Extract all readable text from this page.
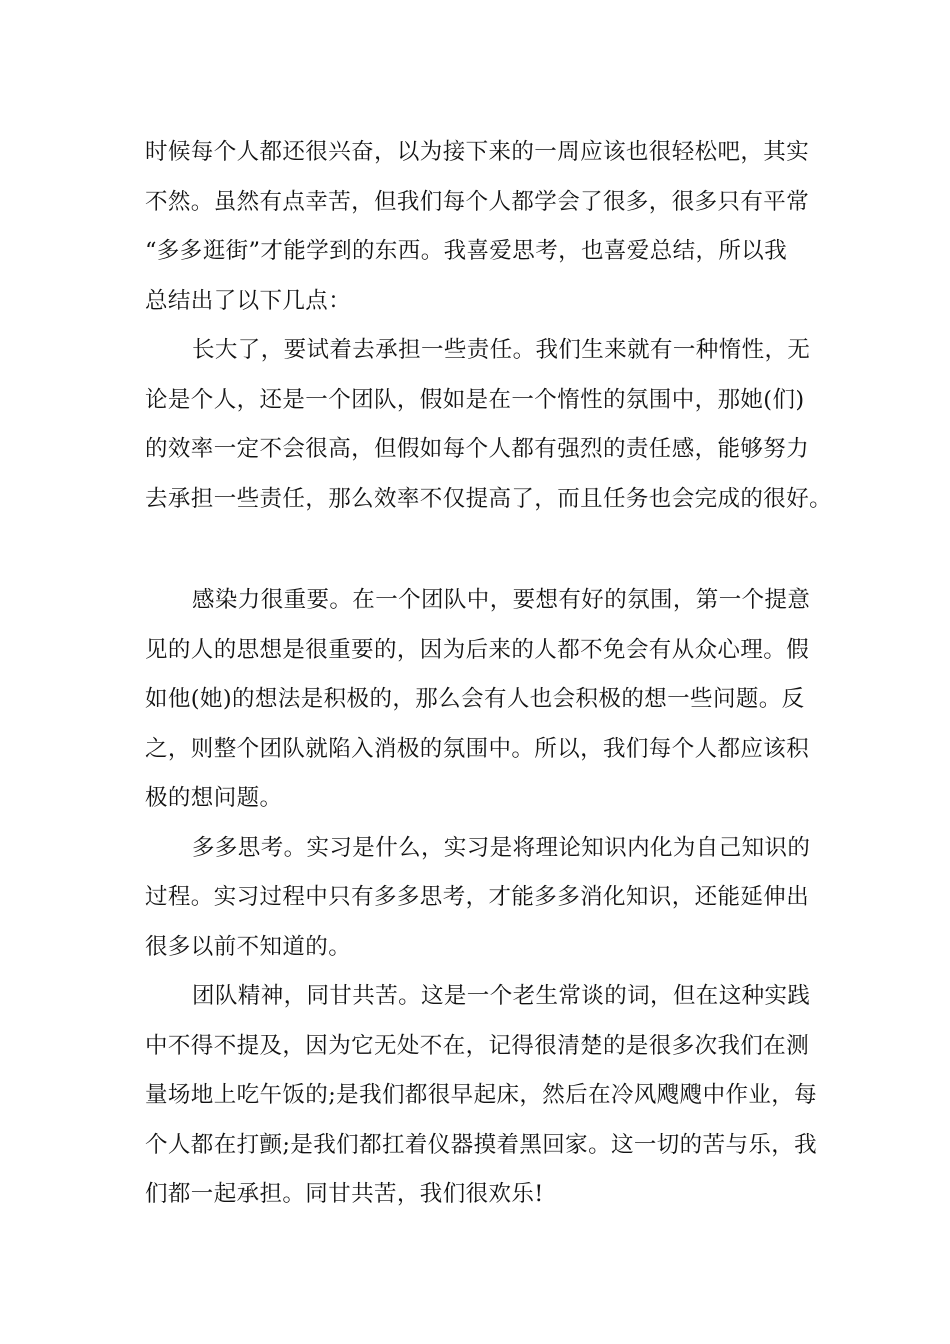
时候每个人都还很兴奋，以为接下来的一周应该也很轻松吧，其实
不然。虽然有点幸苦，但我们每个人都学会了很多，很多只有平常
“多多逛街”才能学到的东西。我喜爱思考，也喜爱总结，所以我
总结出了以下几点：
长大了，要试着去承担一些责任。我们生来就有一种惰性，无
论是个人，还是一个团队，假如是在一个惰性的氛围中，那她(们)
的效率一定不会很高，但假如每个人都有强烈的责任感，能够努力
去承担一些责任，那么效率不仅提高了，而且任务也会完成的很好。
感染力很重要。在一个团队中，要想有好的氛围，第一个提意
见的人的思想是很重要的，因为后来的人都不免会有从众心理。假
如他(她)的想法是积极的，那么会有人也会积极的想一些问题。反
之，则整个团队就陷入消极的氛围中。所以，我们每个人都应该积
极的想问题。
多多思考。实习是什么，实习是将理论知识内化为自己知识的
过程。实习过程中只有多多思考，才能多多消化知识，还能延伸出
很多以前不知道的。
团队精神，同甘共苦。这是一个老生常谈的词，但在这种实践
中不得不提及，因为它无处不在，记得很清楚的是很多次我们在测
量场地上吃午饭的;是我们都很早起床，然后在冷风飕飕中作业，每
个人都在打颤;是我们都扛着仪器摸着黑回家。这一切的苦与乐，我
们都一起承担。同甘共苦，我们很欢乐!
